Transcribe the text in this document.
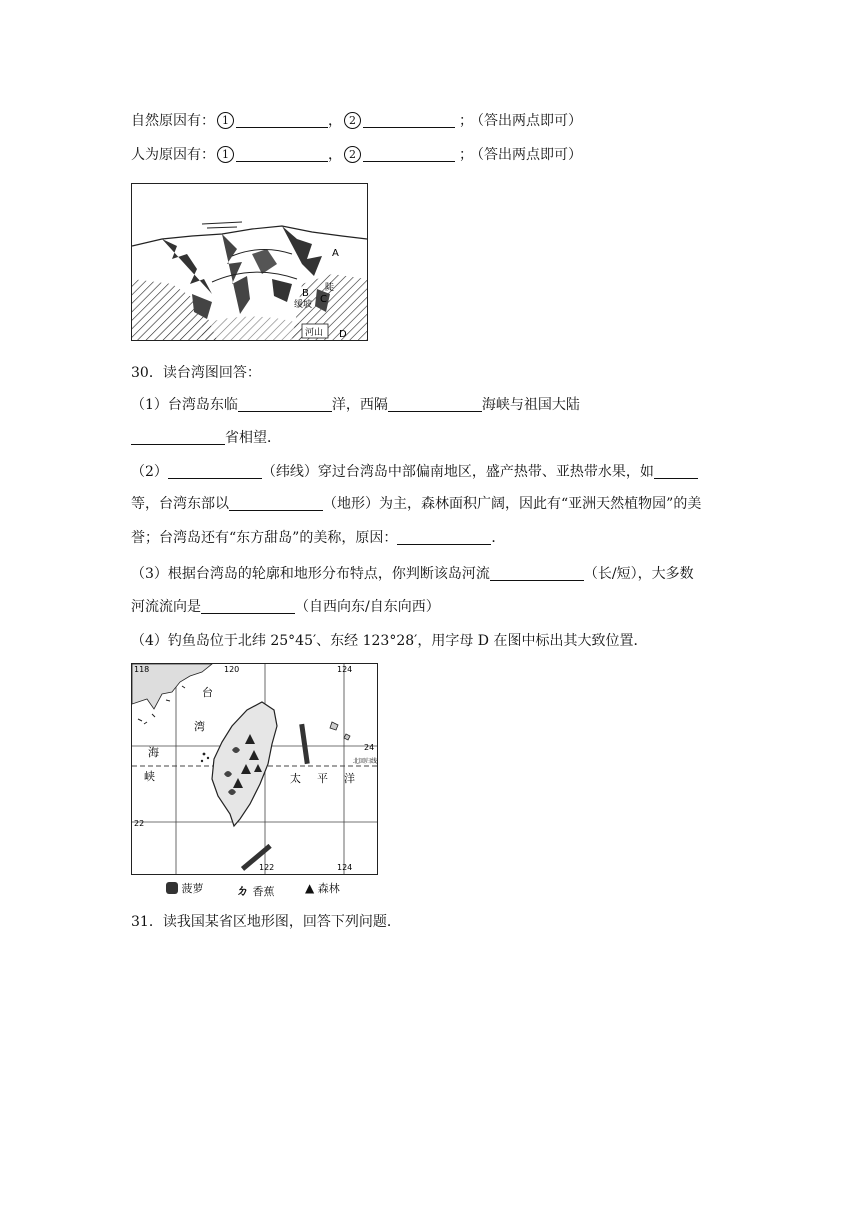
自然原因有： 1	， 2	； （答出两点即可）
人为原因有： 1	， 2	； （答出两点即可）
A
B
缓坡 C
陡
河山 D
30．读台湾图回答：
（1）台湾岛东临	洋，西隔	海峡与祖国大陆
省相望．
（2）	（纬线）穿过台湾岛中部偏南地区，盛产热带、亚热带水果，如
等，台湾东部以	（地形）为主，森林面积广阔，因此有“亚洲天然植物园”的美
誉；台湾岛还有“东方甜岛”的美称，原因：	．
（3）根据台湾岛的轮廓和地形分布特点，你判断该岛河流	（长/短），大多数
河流流向是	（自西向东/自东向西）
（4）钓鱼岛位于北纬 25°45′、东经 123°28′，用字母 D 在图中标出其大致位置．
118	120
122
124
124
24
22
北回归线
台
湾
海
峡	太 平 洋
菠萝	ㄉ 香蕉	▲ 森林
31．读我国某省区地形图，回答下列问题．
